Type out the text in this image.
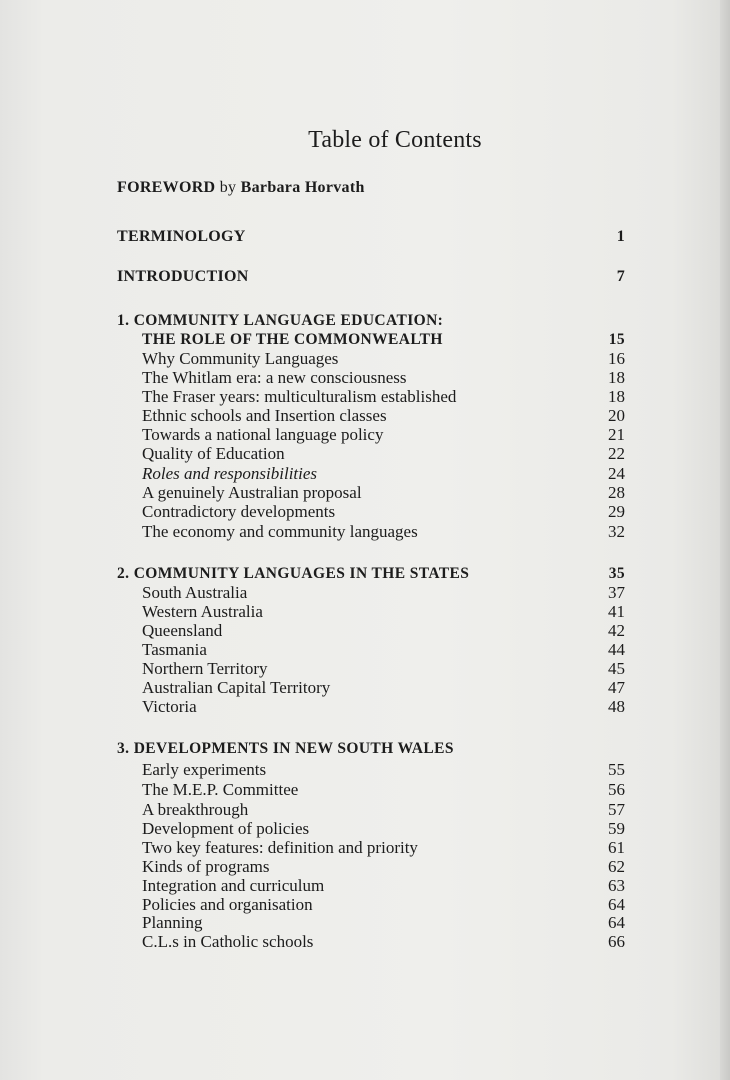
Table of Contents
FOREWORD by Barbara Horvath
TERMINOLOGY	1
INTRODUCTION	7
1. COMMUNITY LANGUAGE EDUCATION:
THE ROLE OF THE COMMONWEALTH	15
Why Community Languages	16
The Whitlam era: a new consciousness	18
The Fraser years: multiculturalism established	18
Ethnic schools and Insertion classes	20
Towards a national language policy	21
Quality of Education	22
Roles and responsibilities	24
A genuinely Australian proposal	28
Contradictory developments	29
The economy and community languages	32
2. COMMUNITY LANGUAGES IN THE STATES	35
South Australia	37
Western Australia	41
Queensland	42
Tasmania	44
Northern Territory	45
Australian Capital Territory	47
Victoria	48
3. DEVELOPMENTS IN NEW SOUTH WALES
Early experiments	55
The M.E.P. Committee	56
A breakthrough	57
Development of policies	59
Two key features: definition and priority	61
Kinds of programs	62
Integration and curriculum	63
Policies and organisation	64
Planning	64
C.L.s in Catholic schools	66
